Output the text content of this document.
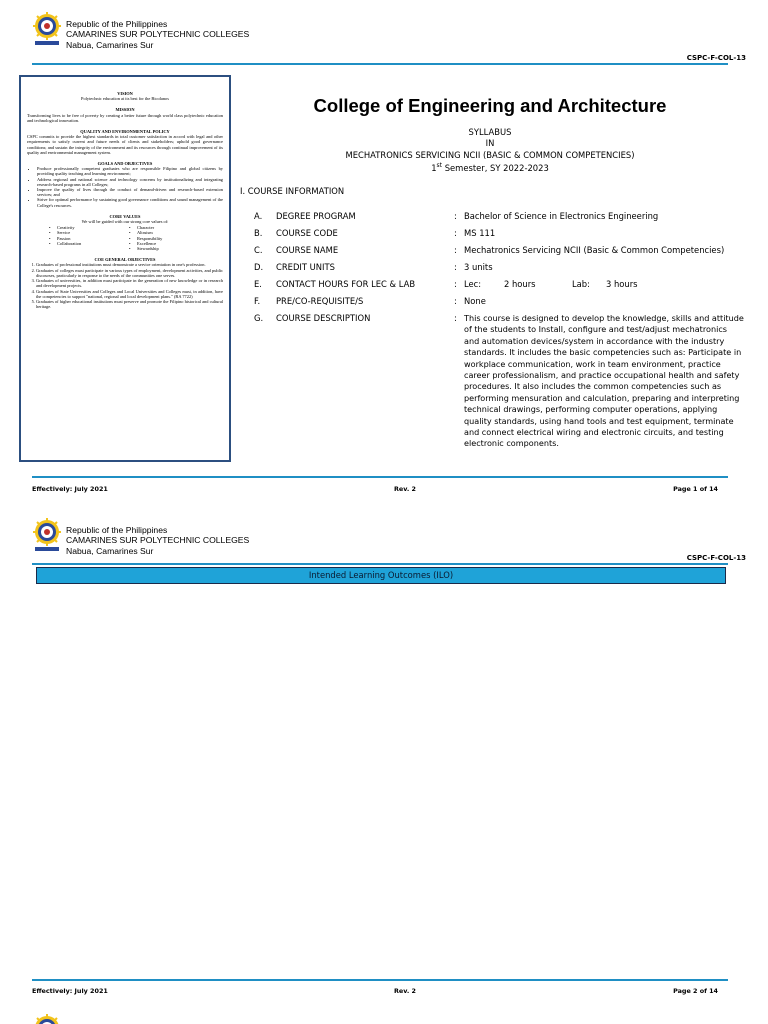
Republic of the Philippines
CAMARINES SUR POLYTECHNIC COLLEGES
Nabua, Camarines Sur
CSPC-F-COL-13
VISION
Polytechnic education at its best for the Bicolanos
MISSION
Transforming lives to be free of poverty by creating a better future through world class polytechnic education and technological innovation.
QUALITY AND ENVIRONMENTAL POLICY
CSPC commits to provide the highest standards in total customer satisfaction in accord with legal and other requirements to satisfy current and future needs of clients and stakeholders; uphold good governance conditions; and sustain the integrity of the environment and its resources through continual improvement of its quality and environmental management system.
GOALS AND OBJECTIVES
• Produce professionally competent graduates who are responsible Filipino and global citizens by providing quality teaching and learning environment;
• Address regional and national science and technology concerns by institutionalizing and integrating research-based programs in all Colleges;
• Improve the quality of lives through the conduct of demand-driven and research-based extension services; and
• Strive for optimal performance by sustaining good governance conditions and sound management of the College's resources.
CORE VALUES
We will be guided with our strong core values of:
• Creativity	• Character
• Service	• Altruism
• Passion	• Responsibility
• Collaboration	• Excellence
• Stewardship
COE GENERAL OBJECTIVES
1. Graduates of professional institutions must demonstrate a service orientation in one's profession.
2. Graduates of colleges must participate in various types of employment, development activities, and public discourses, particularly in response to the needs of the communities one serves.
3. Graduates of universities, in addition must participate in the generation of new knowledge or in research and development projects.
4. Graduates of State Universities and Colleges and Local Universities and Colleges must, in addition, have the competencies to support "national, regional and local development plans." (RA 7722)
5. Graduates of higher educational institutions must preserve and promote the Filipino historical and cultural heritage.
College of Engineering and Architecture
SYLLABUS
IN
MECHATRONICS SERVICING NCII (BASIC & COMMON COMPETENCIES)
1st Semester, SY 2022-2023
I. COURSE INFORMATION
A. DEGREE PROGRAM	: Bachelor of Science in Electronics Engineering
B. COURSE CODE	: MS 111
C. COURSE NAME	: Mechatronics Servicing NCII (Basic & Common Competencies)
D. CREDIT UNITS	: 3 units
E. CONTACT HOURS FOR LEC & LAB	: Lec:	2 hours	Lab: 3 hours
F. PRE/CO-REQUISITE/S	: None
G. COURSE DESCRIPTION	: This course is designed to develop the knowledge, skills and attitude of the students to Install, configure and test/adjust mechatronics and automation devices/system in accordance with the industry standards. It includes the basic competencies such as: Participate in workplace communication, work in team environment, practice career professionalism, and practice occupational health and safety procedures. It also includes the common competencies such as performing mensuration and calculation, preparing and interpreting technical drawings, performing computer operations, applying quality standards, using hand tools and test equipment, terminate and connect electrical wiring and electronic circuits, and testing electronic components.
Effectively: July 2021	Rev. 2	Page 1 of 14
Republic of the Philippines
CAMARINES SUR POLYTECHNIC COLLEGES
Nabua, Camarines Sur
CSPC-F-COL-13
Effectively: July 2021	Rev. 2	Page 2 of 14
Intended Learning Outcomes (ILO)
